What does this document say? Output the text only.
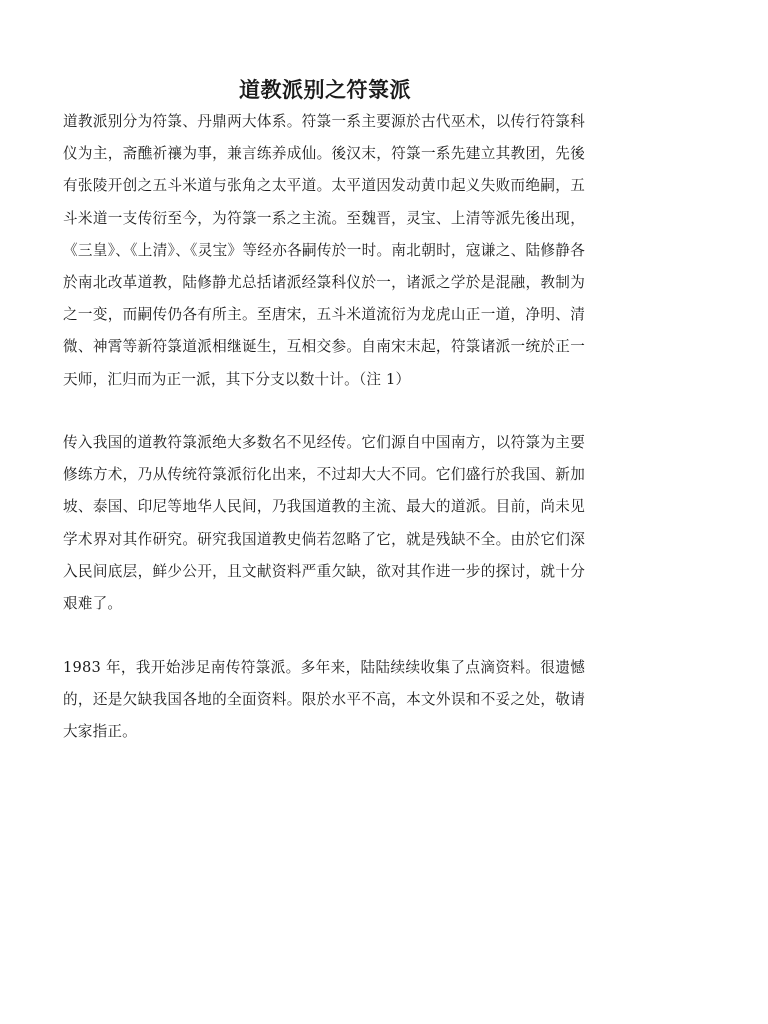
道教派别之符箓派

道教派别分为符箓、丹鼎两大体系。符箓一系主要源於古代巫术，以传行符箓科仪为主，斋醮祈禳为事，兼言练养成仙。後汉末，符箓一系先建立其教团，先後有张陵开创之五斗米道与张角之太平道。太平道因发动黄巾起义失败而绝嗣，五斗米道一支传衍至今，为符箓一系之主流。至魏晋，灵宝、上清等派先後出现，《三皇》、《上清》、《灵宝》等经亦各嗣传於一时。南北朝时，寇谦之、陆修静各於南北改革道教，陆修静尤总括诸派经箓科仪於一，诸派之学於是混融，教制为之一变，而嗣传仍各有所主。至唐宋，五斗米道流衍为龙虎山正一道，净明、清微、神霄等新符箓道派相继诞生，互相交参。自南宋末起，符箓诸派一统於正一天师，汇归而为正一派，其下分支以数十计。（注 1）

传入我国的道教符箓派绝大多数名不见经传。它们源自中国南方，以符箓为主要修练方术，乃从传统符箓派衍化出来，不过却大大不同。它们盛行於我国、新加坡、泰国、印尼等地华人民间，乃我国道教的主流、最大的道派。目前，尚未见学术界对其作研究。研究我国道教史倘若忽略了它，就是残缺不全。由於它们深入民间底层，鲜少公开，且文献资料严重欠缺，欲对其作进一步的探讨，就十分艰难了。

1983 年，我开始涉足南传符箓派。多年来，陆陆续续收集了点滴资料。很遗憾的，还是欠缺我国各地的全面资料。限於水平不高，本文外误和不妥之处，敬请大家指正。
